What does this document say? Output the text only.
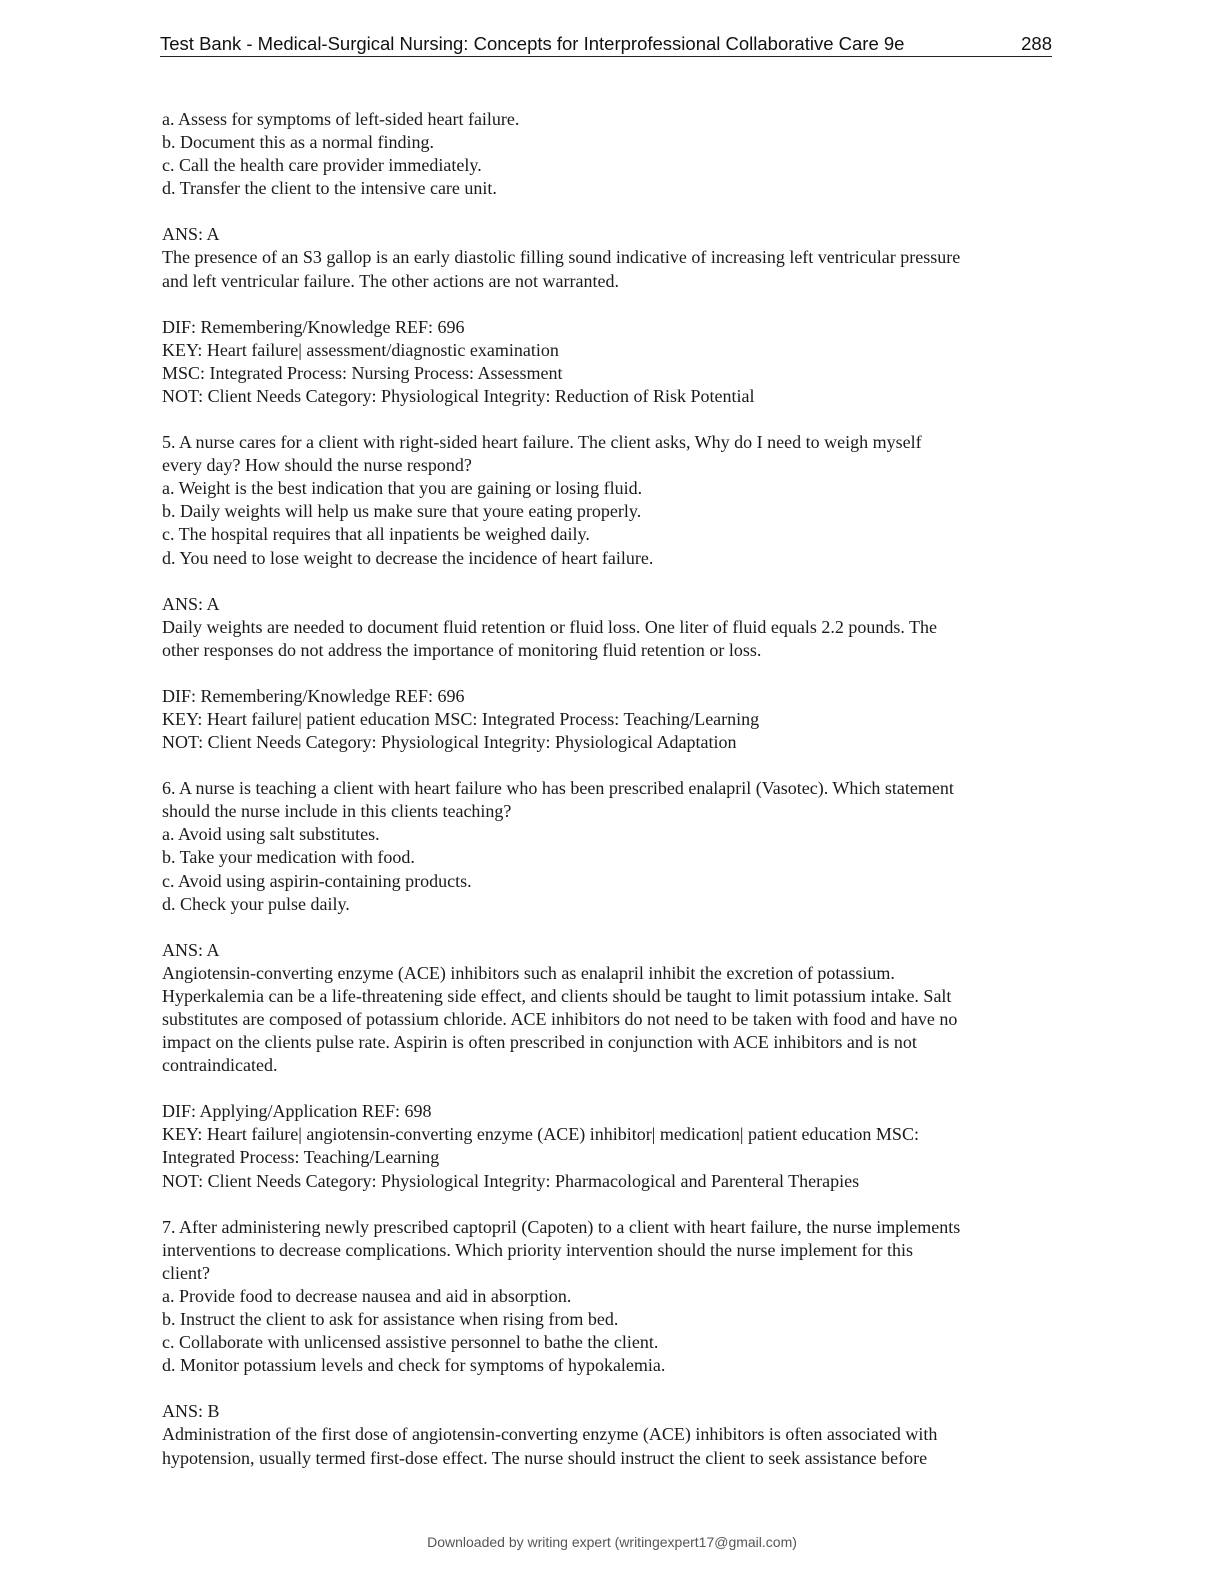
Test Bank - Medical-Surgical Nursing: Concepts for Interprofessional Collaborative Care 9e	288

a. Assess for symptoms of left-sided heart failure.

b. Document this as a normal finding.

c. Call the health care provider immediately.

d. Transfer the client to the intensive care unit.

ANS: A

The presence of an S3 gallop is an early diastolic filling sound indicative of increasing left ventricular pressure

and left ventricular failure. The other actions are not warranted.

DIF: Remembering/Knowledge REF: 696

KEY: Heart failure| assessment/diagnostic examination

MSC: Integrated Process: Nursing Process: Assessment

NOT: Client Needs Category: Physiological Integrity: Reduction of Risk Potential

5. A nurse cares for a client with right-sided heart failure. The client asks, Why do I need to weigh myself

every day? How should the nurse respond?

a. Weight is the best indication that you are gaining or losing fluid.

b. Daily weights will help us make sure that youre eating properly.

c. The hospital requires that all inpatients be weighed daily.

d. You need to lose weight to decrease the incidence of heart failure.

ANS: A

Daily weights are needed to document fluid retention or fluid loss. One liter of fluid equals 2.2 pounds. The

other responses do not address the importance of monitoring fluid retention or loss.

DIF: Remembering/Knowledge REF: 696

KEY: Heart failure| patient education MSC: Integrated Process: Teaching/Learning

NOT: Client Needs Category: Physiological Integrity: Physiological Adaptation

6. A nurse is teaching a client with heart failure who has been prescribed enalapril (Vasotec). Which statement

should the nurse include in this clients teaching?

a. Avoid using salt substitutes.

b. Take your medication with food.

c. Avoid using aspirin-containing products.

d. Check your pulse daily.

ANS: A

Angiotensin-converting enzyme (ACE) inhibitors such as enalapril inhibit the excretion of potassium.

Hyperkalemia can be a life-threatening side effect, and clients should be taught to limit potassium intake. Salt

substitutes are composed of potassium chloride. ACE inhibitors do not need to be taken with food and have no

impact on the clients pulse rate. Aspirin is often prescribed in conjunction with ACE inhibitors and is not

contraindicated.

DIF: Applying/Application REF: 698

KEY: Heart failure| angiotensin-converting enzyme (ACE) inhibitor| medication| patient education MSC:

Integrated Process: Teaching/Learning

NOT: Client Needs Category: Physiological Integrity: Pharmacological and Parenteral Therapies

7. After administering newly prescribed captopril (Capoten) to a client with heart failure, the nurse implements

interventions to decrease complications. Which priority intervention should the nurse implement for this

client?

a. Provide food to decrease nausea and aid in absorption.

b. Instruct the client to ask for assistance when rising from bed.

c. Collaborate with unlicensed assistive personnel to bathe the client.

d. Monitor potassium levels and check for symptoms of hypokalemia.

ANS: B

Administration of the first dose of angiotensin-converting enzyme (ACE) inhibitors is often associated with

hypotension, usually termed first-dose effect. The nurse should instruct the client to seek assistance before

Downloaded by writing expert (writingexpert17@gmail.com)
